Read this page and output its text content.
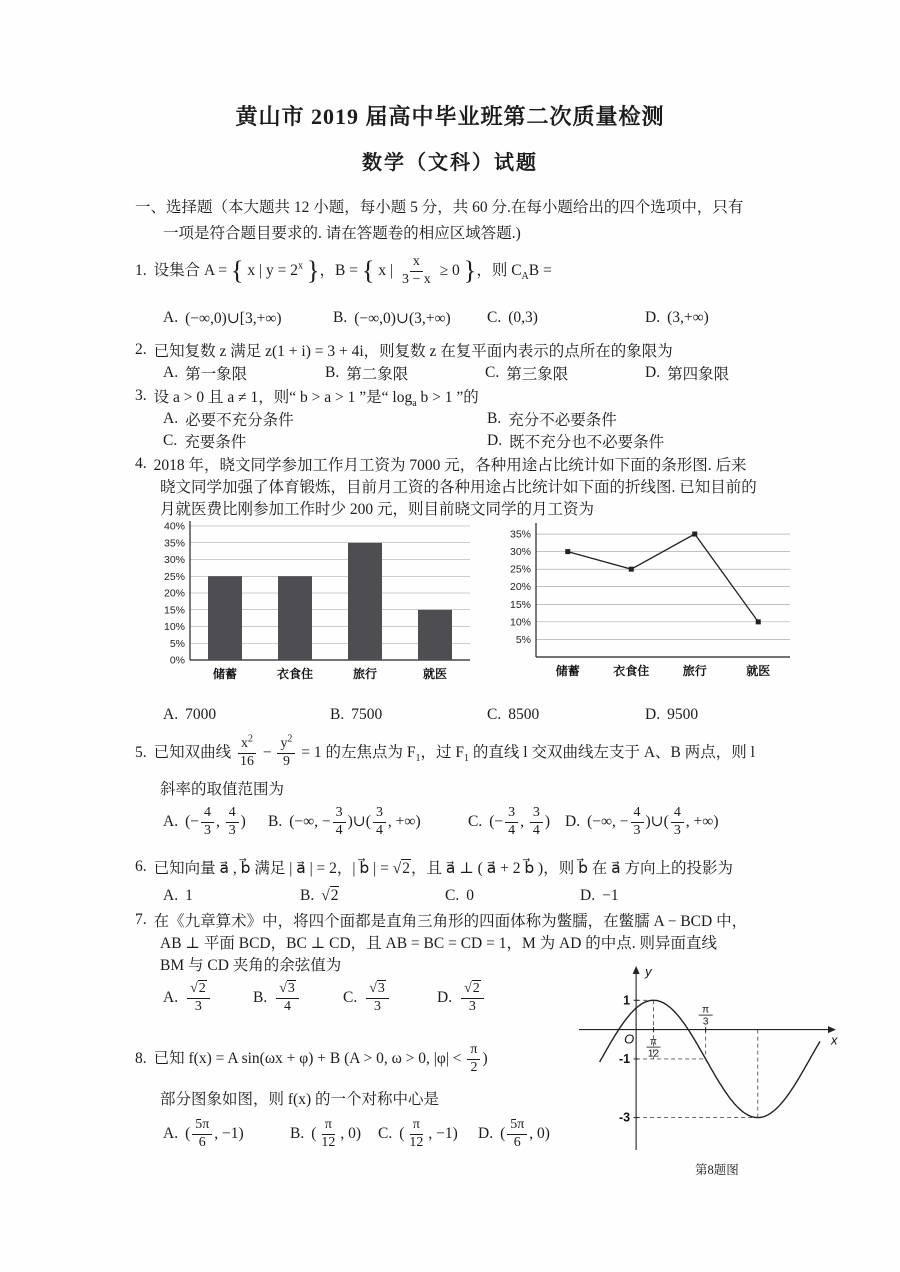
黄山市 2019 届高中毕业班第二次质量检测
数学（文科）试题

一、选择题（本大题共 12 小题，每小题 5 分，共 60 分.在每小题给出的四个选项中，只有

一项是符合题目要求的. 请在答题卷的相应区域答题.)

1. 设集合 A = { x | $y = 2^x$ }，B = { x | $\frac{x}{3 - x} \ge 0$ }，则 $C_AB$ =
A. (−∞,0)∪[3,+∞)	B. (−∞,0)∪(3,+∞) C. (0,3)	D. (3,+∞)
2. 已知复数 z 满足 z(1 + i) = 3 + 4i，则复数 z 在复平面内表示的点所在的象限为
A. 第一象限	B. 第二象限	C. 第三象限	D. 第四象限
3. 设 a > 0 且 a ≠ 1，则“ b > a > 1 ”是“ $\log_a b > 1$ ”的
A. 必要不充分条件	B. 充分不必要条件
C. 充要条件	D. 既不充分也不必要条件
4. 2018 年，晓文同学参加工作月工资为 7000 元，各种用途占比统计如下面的条形图. 后来
晓文同学加强了体育锻炼，目前月工资的各种用途占比统计如下面的折线图. 已知目前的
月就医费比刚参加工作时少 200 元，则目前晓文同学的月工资为
0%
5%
10%
15%
20%
25%
30%
35%
40%
储蓄	衣食住	旅行	就医
5%
10%
15%
20%
25%
30%
35%
储蓄	衣食住	旅行	就医
A. 7000	B. 7500	C. 8500	D. 9500
5. 已知双曲线 $\frac{x^2}{16} - \frac{y^2}{9} = 1$ 的左焦点为 $F_1$，过 $F_1$ 的直线 l 交双曲线左支于 A、B 两点，则 l
斜率的取值范围为
A. (− $\frac{4}{3}$ , $\frac{4}{3}$ ) B. (−∞, − $\frac{3}{4}$ )∪( $\frac{3}{4}$ , +∞)	C. (− $\frac{3}{4}$ , $\frac{3}{4}$ ) D. (−∞, − $\frac{4}{3}$ )∪( $\frac{4}{3}$ , +∞)
6. 已知向量 a⃗ , b⃗ 满足 | a⃗ | = 2，| b⃗ | = √2，且 a⃗ ⊥ ( a⃗ + 2 b⃗ )，则 b⃗ 在 a⃗ 方向上的投影为
A. 1	B. √2	C. 0	D. −1
7. 在《九章算术》中，将四个面都是直角三角形的四面体称为鳖臑，在鳖臑 A − BCD 中，
AB ⊥ 平面 BCD，BC ⊥ CD，且 AB = BC = CD = 1，M 为 AD 的中点. 则异面直线
BM 与 CD 夹角的余弦值为
A. $\frac{√2}{3}$	B. $\frac{√3}{4}$	C. $\frac{√3}{3}$	D. $\frac{√2}{3}$
y
x
O
1
-1
-3
π
12
π
3
第8题图
8. 已知 f(x) = A sin(ωx + φ) + B (A > 0, ω > 0, $|\varphi| < \frac{\pi}{2}$ )
部分图象如图，则 f(x) 的一个对称中心是
A. ( $\frac{5\pi}{6}$ , −1)	B. ( $\frac{\pi}{12}$ , 0) C. ( $\frac{\pi}{12}$ , −1) D. ( $\frac{5\pi}{6}$ , 0)
